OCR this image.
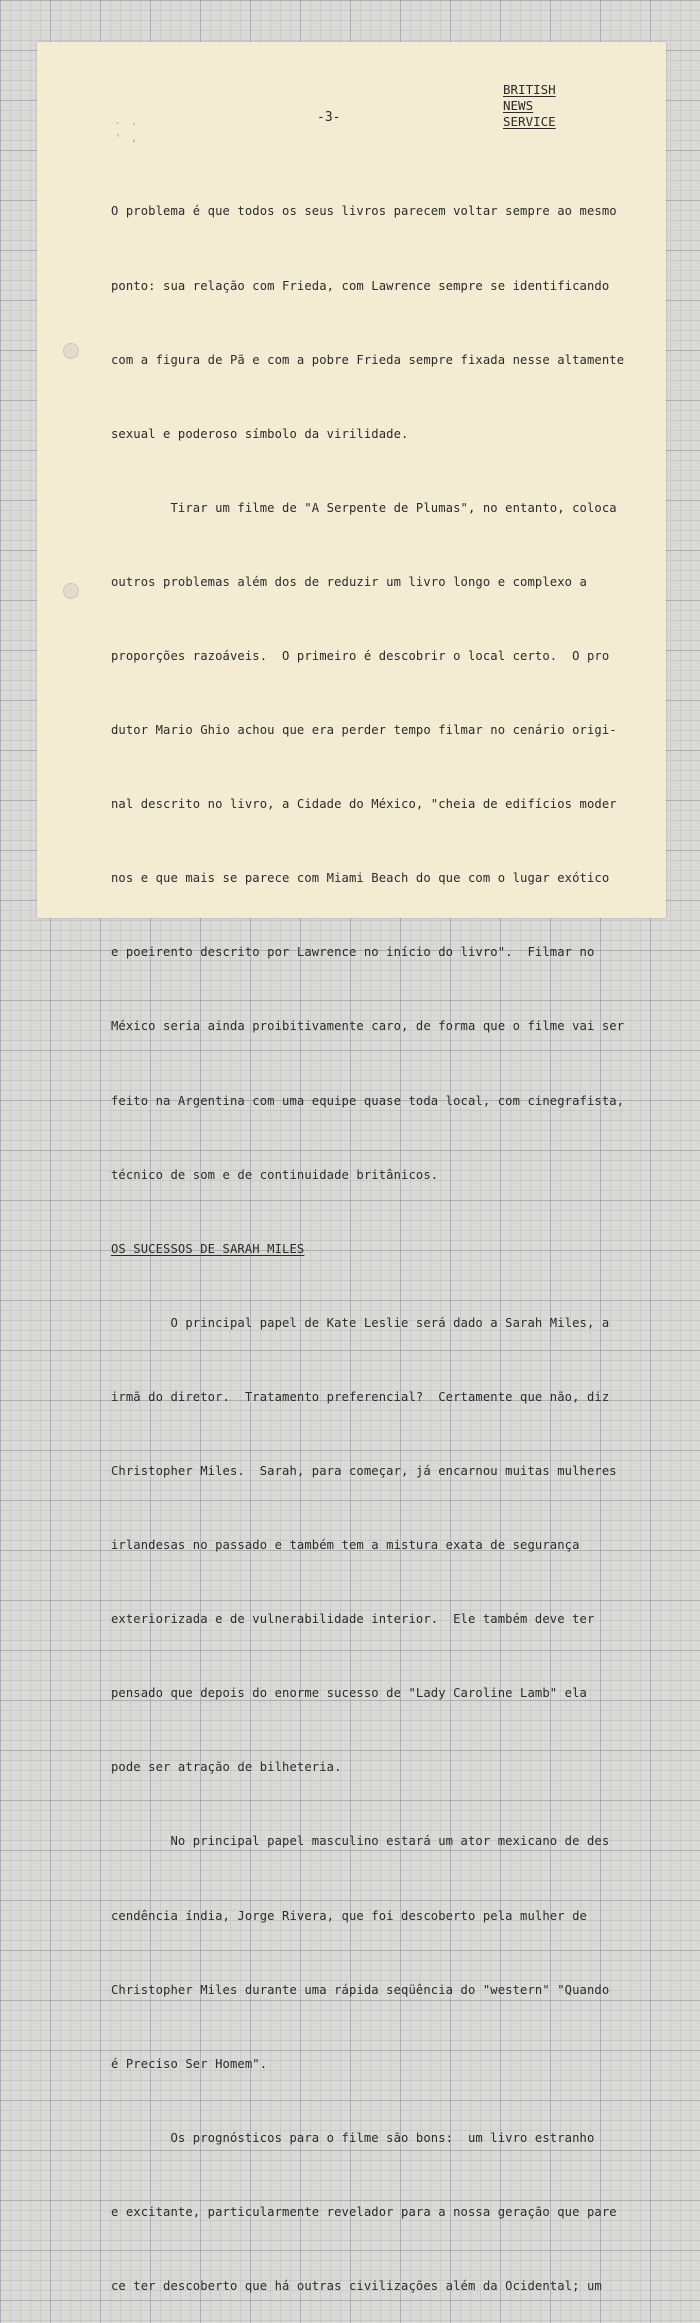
` ' ' ,
-3-
BRITISH
NEWS
SERVICE

O problema é que todos os seus livros parecem voltar sempre ao mesmo

ponto: sua relação com Frieda, com Lawrence sempre se identificando

com a figura de Pã e com a pobre Frieda sempre fixada nesse altamente

sexual e poderoso símbolo da virilidade.

Tirar um filme de "A Serpente de Plumas", no entanto, coloca

outros problemas além dos de reduzir um livro longo e complexo a

proporções razoáveis.  O primeiro é descobrir o local certo.  O pro

dutor Mario Ghio achou que era perder tempo filmar no cenário origi-

nal descrito no livro, a Cidade do México, "cheia de edifícios moder

nos e que mais se parece com Miami Beach do que com o lugar exótico

e poeirento descrito por Lawrence no início do livro".  Filmar no

México seria ainda proibitivamente caro, de forma que o filme vai ser

feito na Argentina com uma equipe quase toda local, com cinegrafista,

técnico de som e de continuidade britânicos.

OS SUCESSOS DE SARAH MILES

O principal papel de Kate Leslie será dado a Sarah Miles, a

irmã do diretor.  Tratamento preferencial?  Certamente que não, diz

Christopher Miles.  Sarah, para começar, já encarnou muitas mulheres

irlandesas no passado e também tem a mistura exata de segurança

exteriorizada e de vulnerabilidade interior.  Ele também deve ter

pensado que depois do enorme sucesso de "Lady Caroline Lamb" ela

pode ser atração de bilheteria.

No principal papel masculino estará um ator mexicano de des

cendência índia, Jorge Rivera, que foi descoberto pela mulher de

Christopher Miles durante uma rápida seqüência do "western" "Quando

é Preciso Ser Homem".

Os prognósticos para o filme são bons:  um livro estranho

e excitante, particularmente revelador para a nossa geração que pare

ce ter descoberto que há outras civilizações além da Ocidental; um
